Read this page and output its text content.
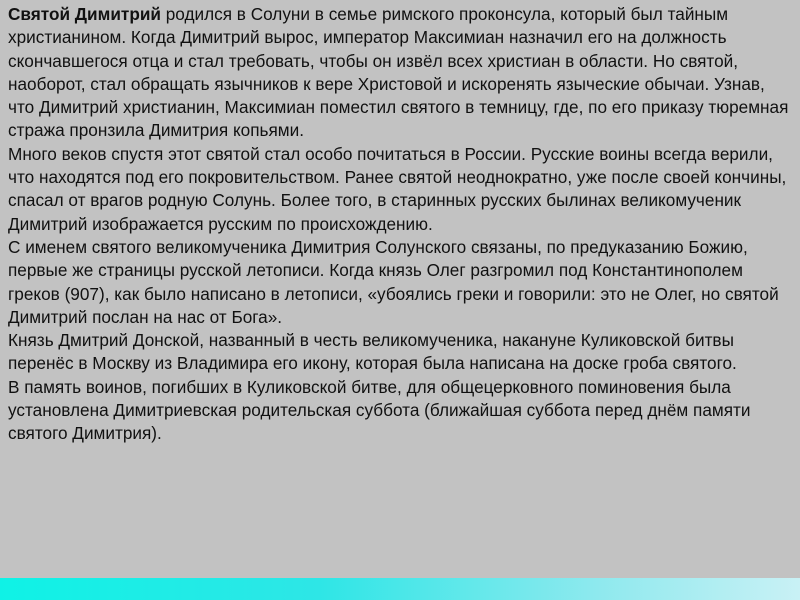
Святой Димитрий родился в Солуни в семье римского проконсула, который был тайным христианином. Когда Димитрий вырос, император Максимиан назначил его на должность скончавшегося отца и стал требовать, чтобы он извёл всех христиан в области. Но святой, наоборот, стал обращать язычников к вере Христовой и искоренять языческие обычаи. Узнав, что Димитрий христианин, Максимиан поместил святого в темницу, где, по его приказу тюремная стража пронзила Димитрия копьями.

Много веков спустя этот святой стал особо почитаться в России. Русские воины всегда верили, что находятся под его покровительством. Ранее святой неоднократно, уже после своей кончины, спасал от врагов родную Солунь. Более того, в старинных русских былинах великомученик Димитрий изображается русским по происхождению.

С именем святого великомученика Димитрия Солунского связаны, по предуказанию Божию, первые же страницы русской летописи. Когда князь Олег разгромил под Константинополем греков (907), как было написано в летописи, «убоялись греки и говорили: это не Олег, но святой Димитрий послан на нас от Бога».

Князь Дмитрий Донской, названный в честь великомученика, накануне Куликовской битвы перенёс в Москву из Владимира его икону, которая была написана на доске гроба святого.

В память воинов, погибших в Куликовской битве, для общецерковного поминовения была установлена Димитриевская родительская суббота (ближайшая суббота перед днём памяти святого Димитрия).
